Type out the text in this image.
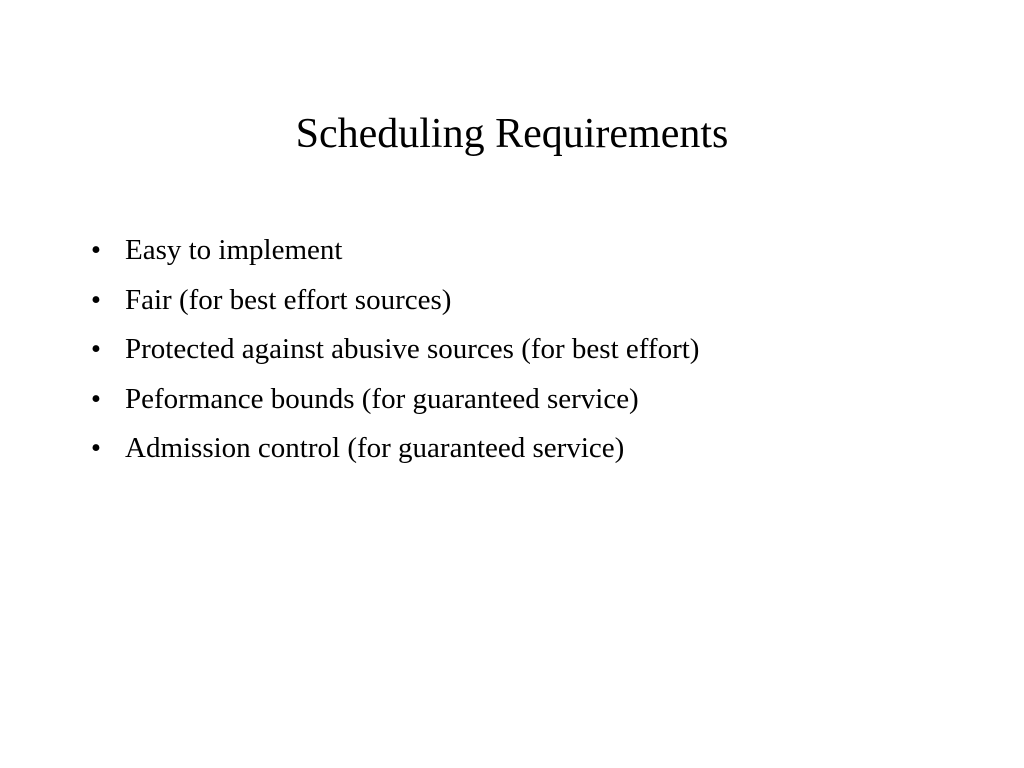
Scheduling Requirements
• Easy to implement
• Fair (for best effort sources)
• Protected against abusive sources (for best effort)
• Peformance bounds (for guaranteed service)
• Admission control (for guaranteed service)
